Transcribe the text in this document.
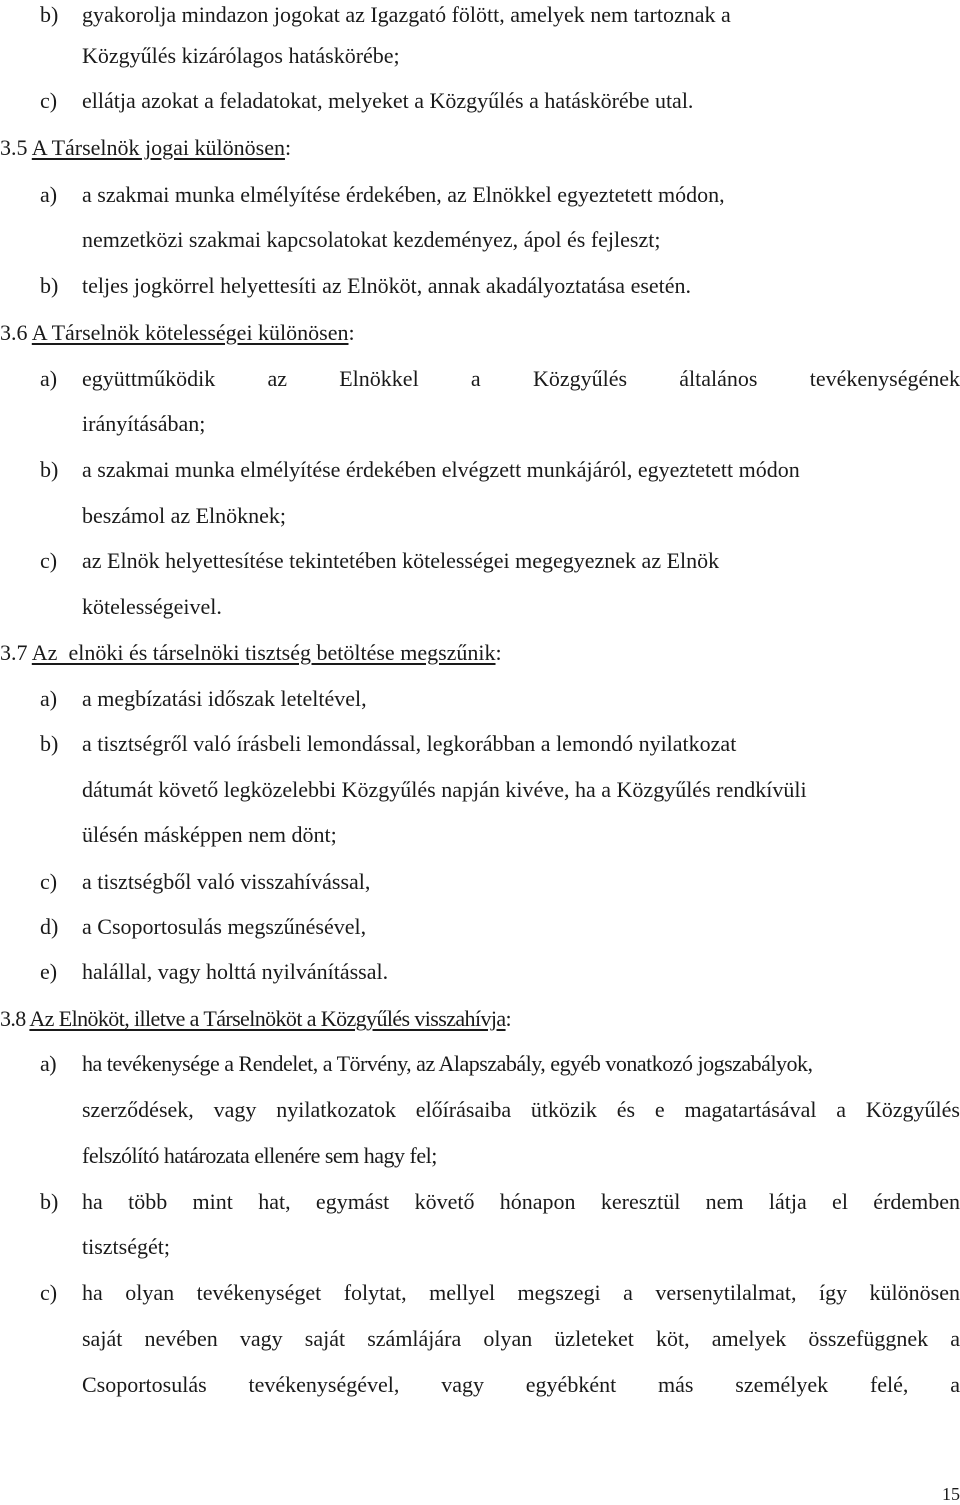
b) gyakorolja mindazon jogokat az Igazgató fölött, amelyek nem tartoznak a
Közgyűlés kizárólagos hatáskörébe;
c) ellátja azokat a feladatokat, melyeket a Közgyűlés a hatáskörébe utal.
3.5 A Társelnök jogai különösen:
a) a szakmai munka elmélyítése érdekében, az Elnökkel egyeztetett módon,
nemzetközi szakmai kapcsolatokat kezdeményez, ápol és fejleszt;
b) teljes jogkörrel helyettesíti az Elnököt, annak akadályoztatása esetén.
3.6 A Társelnök kötelességei különösen:
a)	együttműködik az Elnökkel a Közgyűlés általános tevékenységének
irányításában;
b) a szakmai munka elmélyítése érdekében elvégzett munkájáról, egyeztetett módon
beszámol az Elnöknek;
c) az Elnök helyettesítése tekintetében kötelességei megegyeznek az Elnök
kötelességeivel.
3.7 Az  elnöki és társelnöki tisztség betöltése megszűnik:
a) a megbízatási időszak leteltével,
b) a tisztségről való írásbeli lemondással, legkorábban a lemondó nyilatkozat
dátumát követő legközelebbi Közgyűlés napján kivéve, ha a Közgyűlés rendkívüli
ülésén másképpen nem dönt;
c) a tisztségből való visszahívással,
d) a Csoportosulás megszűnésével,
e) halállal, vagy holttá nyilvánítással.
3.8 Az Elnököt, illetve a Társelnököt a Közgyűlés visszahívja:
a) ha tevékenysége a Rendelet, a Törvény, az Alapszabály, egyéb vonatkozó jogszabályok,
szerződések, vagy nyilatkozatok előírásaiba ütközik és e magatartásával a Közgyűlés
felszólító határozata ellenére sem hagy fel;
b)	ha több mint hat, egymást követő hónapon keresztül nem látja el érdemben
tisztségét;
c)	ha olyan tevékenységet folytat, mellyel megszegi a versenytilalmat, így különösen
saját nevében vagy saját számlájára olyan üzleteket köt, amelyek összefüggnek a
Csoportosulás tevékenységével, vagy egyébként más személyek felé, a
15
